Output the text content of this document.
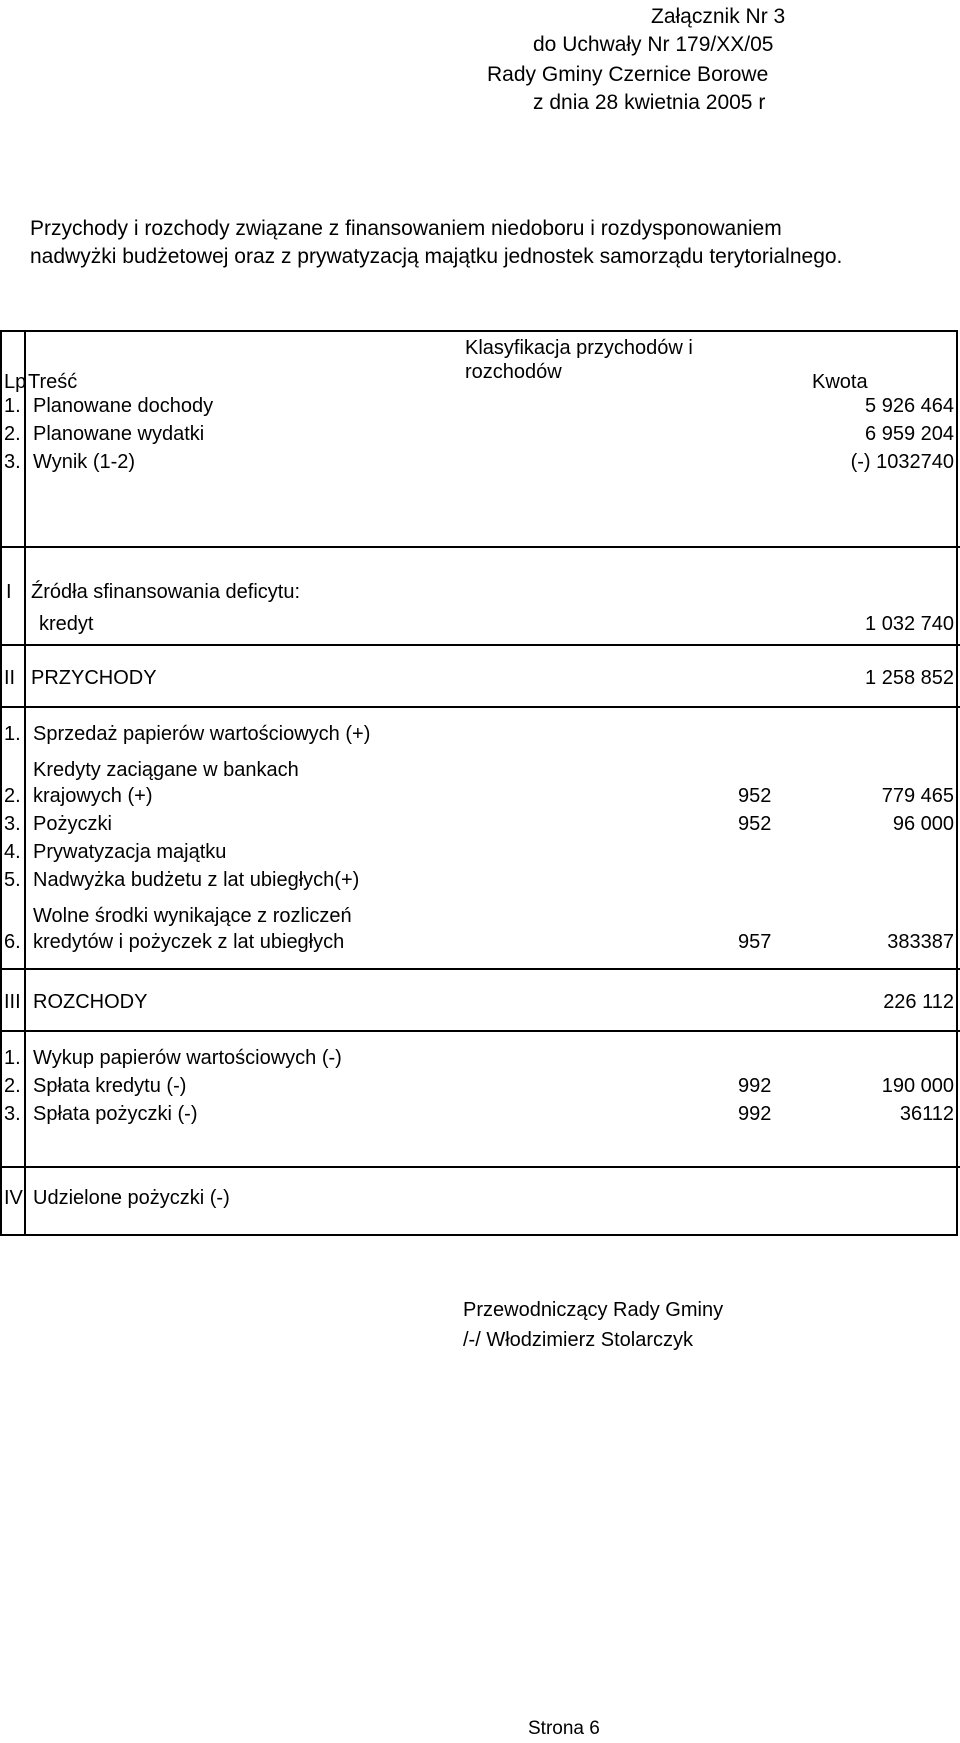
Załącznik Nr 3
do Uchwały Nr 179/XX/05
Rady Gminy Czernice Borowe
z dnia 28 kwietnia 2005 r
Przychody i rozchody związane z finansowaniem niedoboru i rozdysponowaniem
nadwyżki budżetowej oraz z prywatyzacją majątku jednostek samorządu terytorialnego.
Lp Treść
Klasyfikacja przychodów i
rozchodów	Kwota
1. Planowane dochody	5 926 464
2. Planowane wydatki	6 959 204
3. Wynik (1-2)	(-) 1032740
I Źródła sfinansowania deficytu:
kredyt	1 032 740
II PRZYCHODY	1 258 852
1. Sprzedaż papierów wartościowych (+)
Kredyty zaciągane w bankach
2. krajowych (+)	952	779 465
3. Pożyczki	952	96 000
4. Prywatyzacja majątku
5. Nadwyżka budżetu z lat ubiegłych(+)
Wolne środki wynikające z rozliczeń
6. kredytów i pożyczek z lat ubiegłych	957	383387
III ROZCHODY	226 112
1. Wykup papierów wartościowych (-)
2. Spłata kredytu (-)	992	190 000
3. Spłata pożyczki (-)	992	36112
IV Udzielone pożyczki (-)
Przewodniczący Rady Gminy
/-/ Włodzimierz Stolarczyk
Strona 6
